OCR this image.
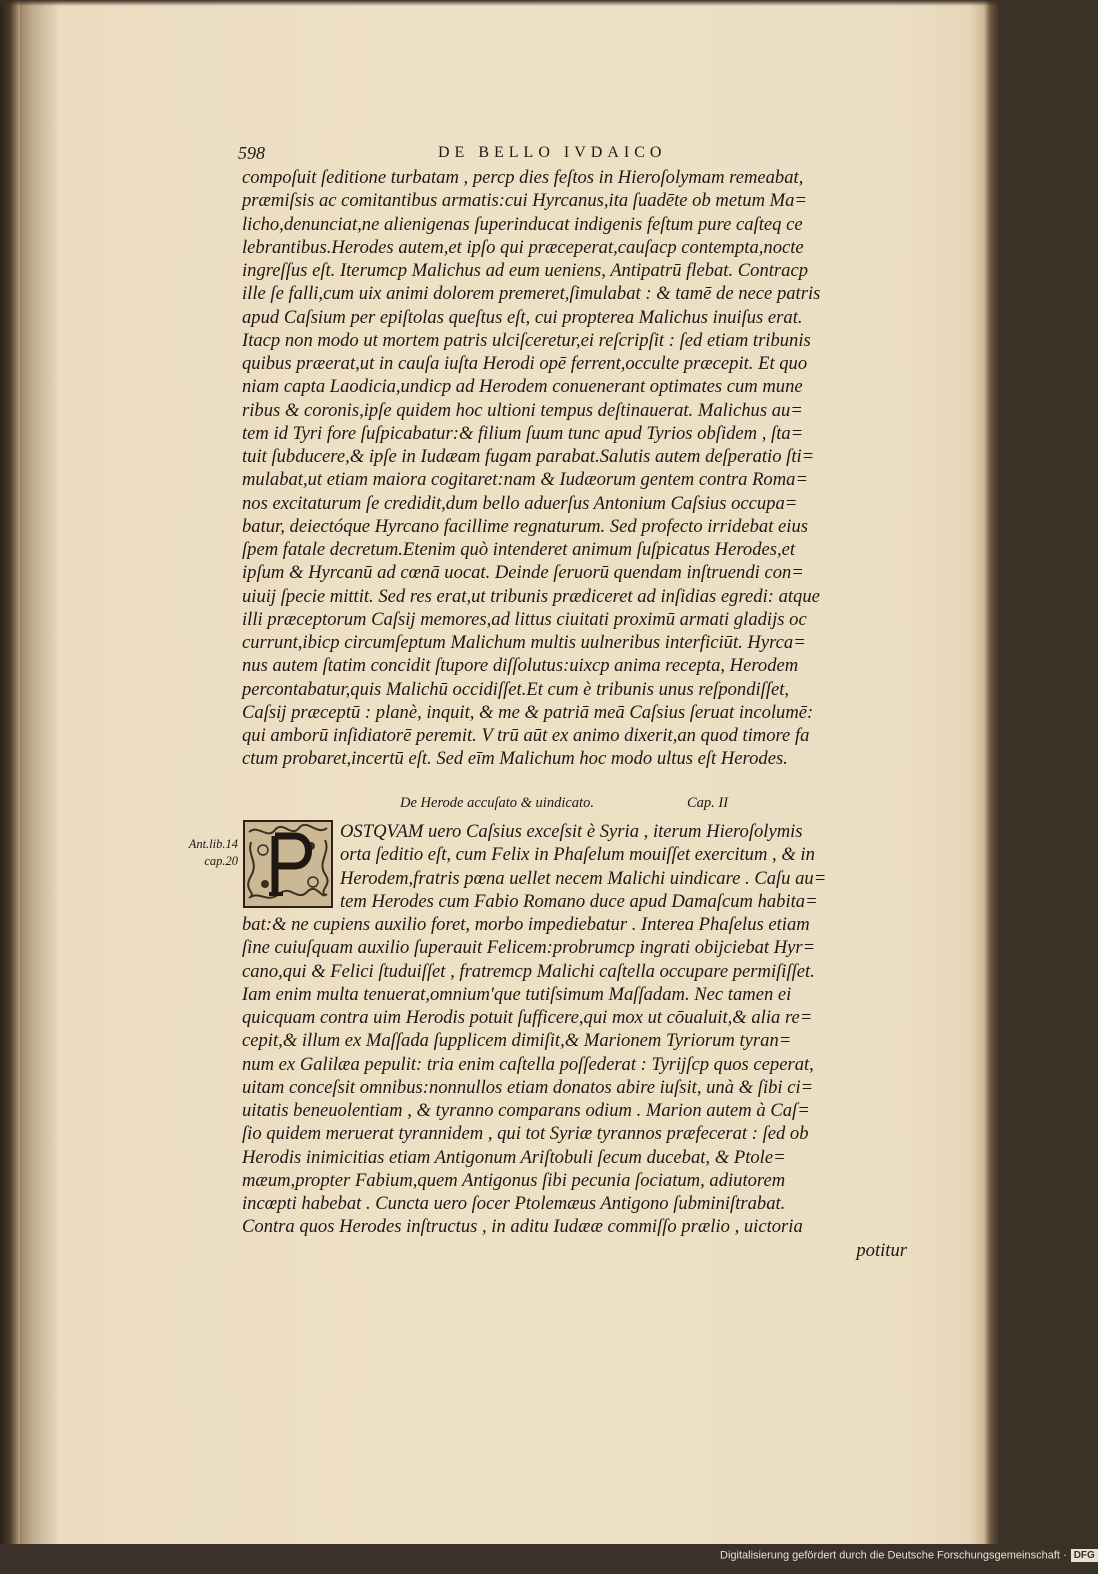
598	DE BELLO IVDAICO
compoſuit ſeditione turbatam , percp dies feſtos in Hieroſolymam remeabat,
præmiſsis ac comitantibus armatis:cui Hyrcanus,ita ſuadēte ob metum Ma=
licho,denunciat,ne alienigenas ſuperinducat indigenis feſtum pure caſteq ce
lebrantibus.Herodes autem,et ipſo qui præceperat,cauſacp contempta,nocte
ingreſſus eſt. Iterumcp Malichus ad eum ueniens, Antipatrū flebat. Contracp
ille ſe falli,cum uix animi dolorem premeret,ſimulabat : & tamē de nece patris
apud Caſsium per epiſtolas queſtus eſt, cui propterea Malichus inuiſus erat.
Itacp non modo ut mortem patris ulciſceretur,ei reſcripſit : ſed etiam tribunis
quibus præerat,ut in cauſa iuſta Herodi opē ferrent,occulte præcepit. Et quo
niam capta Laodicia,undicp ad Herodem conuenerant optimates cum mune
ribus & coronis,ipſe quidem hoc ultioni tempus deſtinauerat. Malichus au=
tem id Tyri fore ſuſpicabatur:& filium ſuum tunc apud Tyrios obſidem , ſta=
tuit ſubducere,& ipſe in Iudæam fugam parabat.Salutis autem deſperatio ſti=
mulabat,ut etiam maiora cogitaret:nam & Iudæorum gentem contra Roma=
nos excitaturum ſe credidit,dum bello aduerſus Antonium Caſsius occupa=
batur, deiectóque Hyrcano facillime regnaturum. Sed profecto irridebat eius
ſpem fatale decretum.Etenim quò intenderet animum ſuſpicatus Herodes,et
ipſum & Hyrcanū ad cœnā uocat. Deinde ſeruorū quendam inſtruendi con=
uiuij ſpecie mittit. Sed res erat,ut tribunis prædiceret ad inſidias egredi: atque
illi præceptorum Caſsij memores,ad littus ciuitati proximū armati gladijs oc
currunt,ibicp circumſeptum Malichum multis uulneribus interficiūt. Hyrca=
nus autem ſtatim concidit ſtupore diſſolutus:uixcp anima recepta, Herodem
percontabatur,quis Malichū occidiſſet.Et cum è tribunis unus reſpondiſſet,
Caſsij præceptū : planè, inquit, & me & patriā meā Caſsius ſeruat incolumē:
qui amborū inſidiatorē peremit. V trū aūt ex animo dixerit,an quod timore fa
ctum probaret,incertū eſt. Sed eīm Malichum hoc modo ultus eſt Herodes.
De Herode accuſato & uindicato.	Cap. II
Ant.lib.14
cap.20
OSTQVAM uero Caſsius exceſsit è Syria , iterum Hieroſolymis
orta ſeditio eſt, cum Felix in Phaſelum mouiſſet exercitum , & in
Herodem,fratris pœna uellet necem Malichi uindicare . Caſu au=
tem Herodes cum Fabio Romano duce apud Damaſcum habita=
bat:& ne cupiens auxilio foret, morbo impediebatur . Interea Phaſelus etiam
ſine cuiuſquam auxilio ſuperauit Felicem:probrumcp ingrati obijciebat Hyr=
cano,qui & Felici ſtuduiſſet , fratremcp Malichi caſtella occupare permiſiſſet.
Iam enim multa tenuerat,omnium'que tutiſsimum Maſſadam. Nec tamen ei
quicquam contra uim Herodis potuit ſufficere,qui mox ut cōualuit,& alia re=
cepit,& illum ex Maſſada ſupplicem dimiſit,& Marionem Tyriorum tyran=
num ex Galilæa pepulit: tria enim caſtella poſſederat : Tyrijſcp quos ceperat,
uitam conceſsit omnibus:nonnullos etiam donatos abire iuſsit, unà & ſibi ci=
uitatis beneuolentiam , & tyranno comparans odium . Marion autem à Caſ=
ſio quidem meruerat tyrannidem , qui tot Syriæ tyrannos præfecerat : ſed ob
Herodis inimicitias etiam Antigonum Ariſtobuli ſecum ducebat, & Ptole=
mæum,propter Fabium,quem Antigonus ſibi pecunia ſociatum, adiutorem
incœpti habebat . Cuncta uero ſocer Ptolemæus Antigono ſubminiſtrabat.
Contra quos Herodes inſtructus , in aditu Iudææ commiſſo prælio , uictoria
potitur
Digitalisierung gefördert durch die Deutsche Forschungsgemeinschaft · DFG
